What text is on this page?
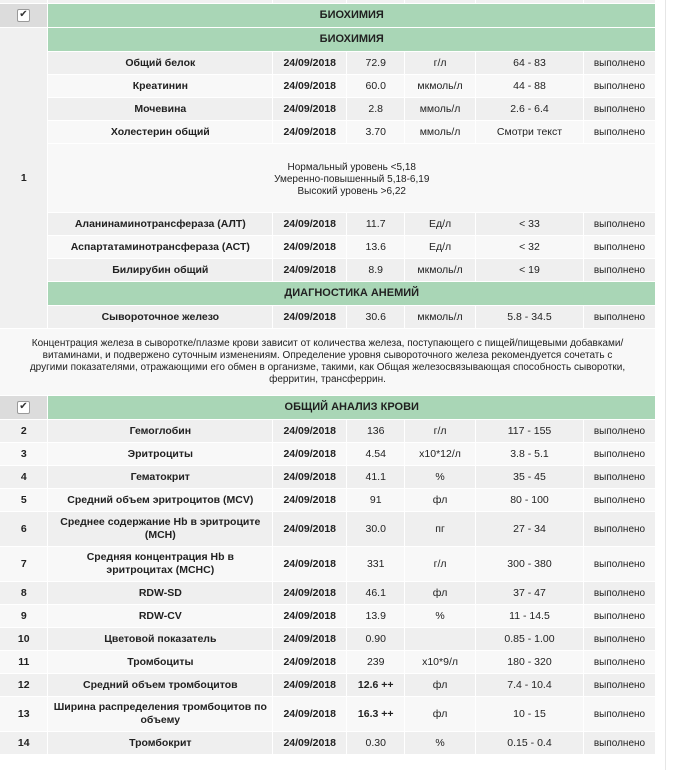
✔	БИОХИМИЯ					
1	БИОХИМИЯ					
	Общий белок	24/09/2018	72.9	г/л	64 - 83	выполнено
	Креатинин	24/09/2018	60.0	мкмоль/л	44 - 88	выполнено
	Мочевина	24/09/2018	2.8	ммоль/л	2.6 - 6.4	выполнено
	Холестерин общий	24/09/2018	3.70	ммоль/л	Смотри текст	выполнено

	Нормальный уровень <5,18
Умеренно-повышенный 5,18-6,19
Высокий уровень >6,22					

	Аланинаминотрансфераза (АЛТ)	24/09/2018	11.7	Ед/л	< 33	выполнено
	Аспартатаминотрансфераза (АСТ)	24/09/2018	13.6	Ед/л	< 32	выполнено
	Билирубин общий	24/09/2018	8.9	мкмоль/л	< 19	выполнено
	ДИАГНОСТИКА АНЕМИЙ					
	Сывороточное железо	24/09/2018	30.6	мкмоль/л	5.8 - 34.5	выполнено
Концентрация железа в сыворотке/плазме крови зависит от количества железа, поступающего с пищей/пищевыми добавками/витаминами, и подвержено суточным изменениям. Определение уровня сывороточного железа рекомендуется сочетать с другими показателями, отражающими его обмен в организме, такими, как Общая железосвязывающая способность сыворотки, ферритин, трансферрин.						
✔	ОБЩИЙ АНАЛИЗ КРОВИ					
2	Гемоглобин	24/09/2018	136	г/л	117 - 155	выполнено
3	Эритроциты	24/09/2018	4.54	x10*12/л	3.8 - 5.1	выполнено
4	Гематокрит	24/09/2018	41.1	%	35 - 45	выполнено
5	Средний объем эритроцитов (MCV)	24/09/2018	91	фл	80 - 100	выполнено
6	Среднее содержание Hb в эритроците (MCH)	24/09/2018	30.0	пг	27 - 34	выполнено
7	Средняя концентрация Hb в эритроцитах (MCHC)	24/09/2018	331	г/л	300 - 380	выполнено
8	RDW-SD	24/09/2018	46.1	фл	37 - 47	выполнено
9	RDW-CV	24/09/2018	13.9	%	11 - 14.5	выполнено
10	Цветовой показатель	24/09/2018	0.90		0.85 - 1.00	выполнено
11	Тромбоциты	24/09/2018	239	x10*9/л	180 - 320	выполнено
12	Средний объем тромбоцитов	24/09/2018	12.6 ++	фл	7.4 - 10.4	выполнено
13	Ширина распределения тромбоцитов по объему	24/09/2018	16.3 ++	фл	10 - 15	выполнено
14	Тромбокрит	24/09/2018	0.30	%	0.15 - 0.4	выполнено
